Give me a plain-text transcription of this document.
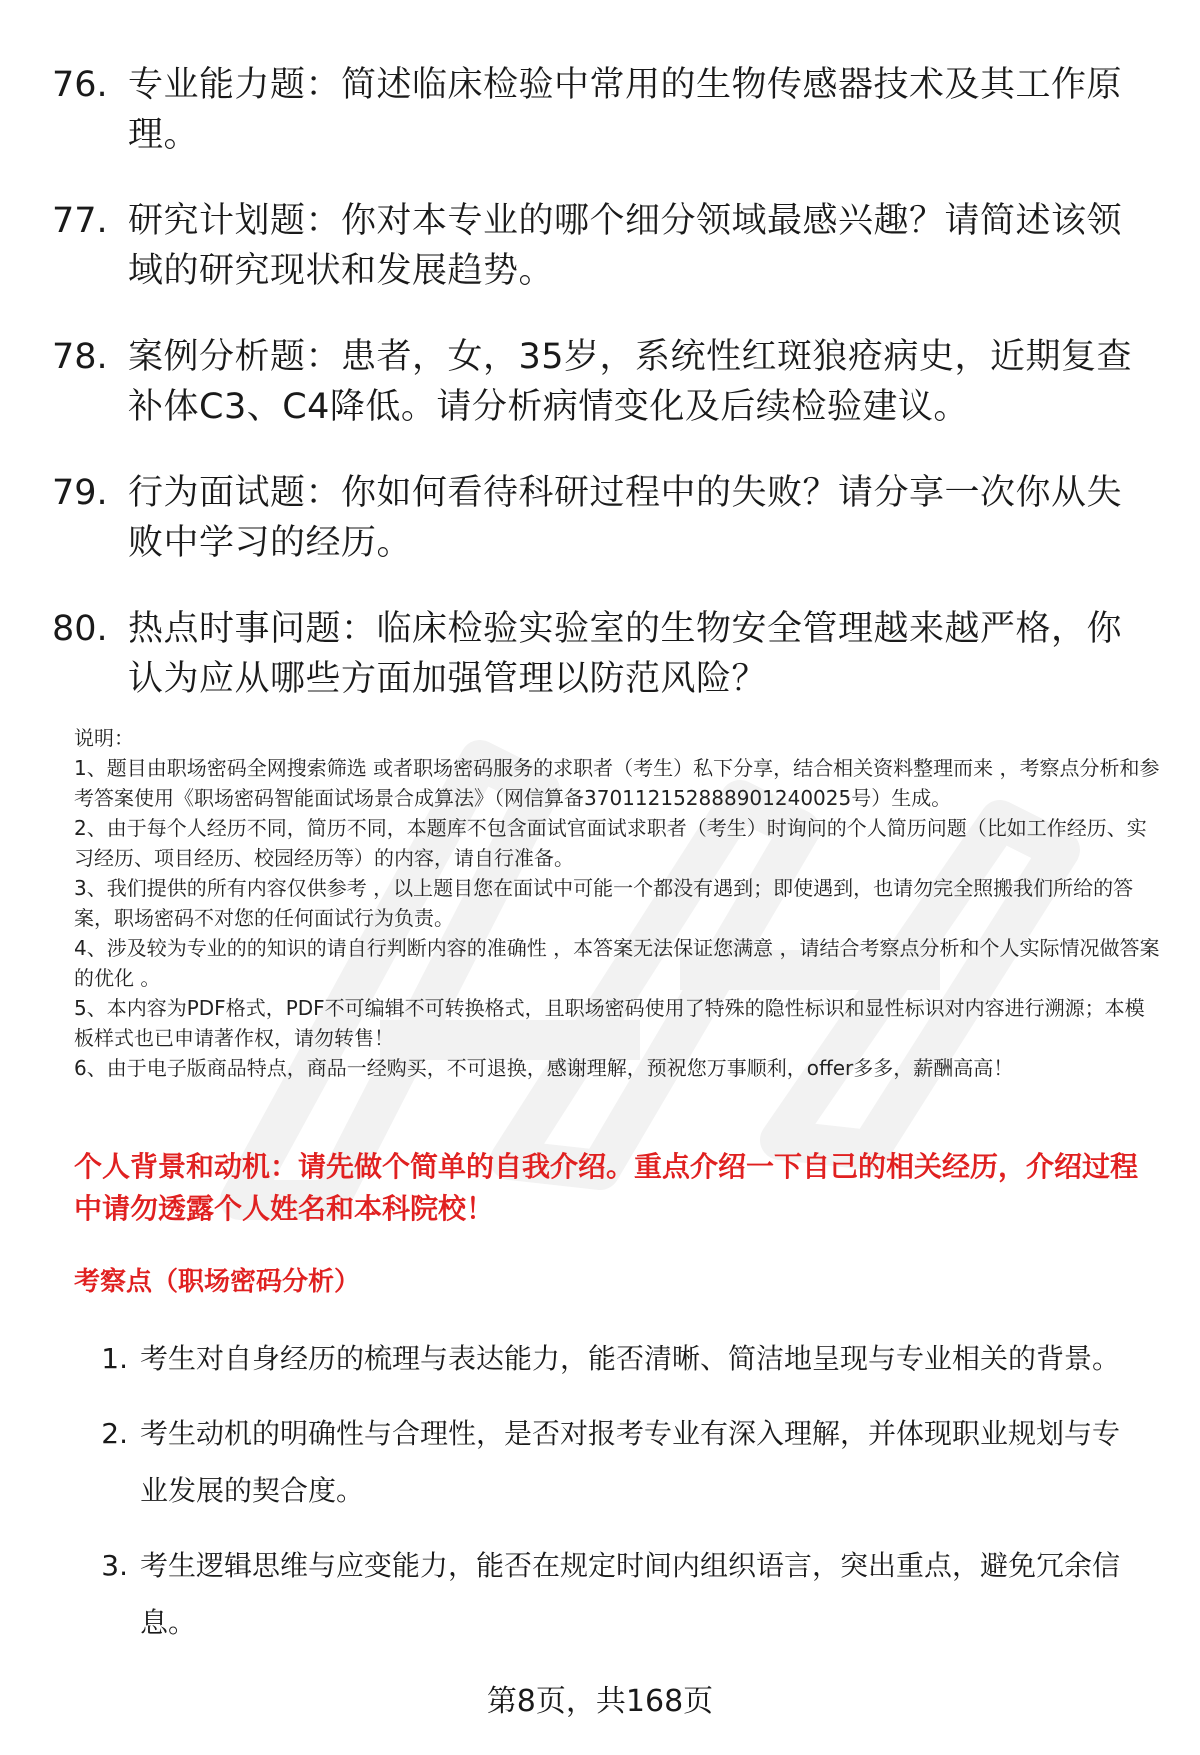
76. 专业能力题：简述临床检验中常用的生物传感器技术及其工作原理。
77. 研究计划题：你对本专业的哪个细分领域最感兴趣？请简述该领域的研究现状和发展趋势。
78. 案例分析题：患者，女，35岁，系统性红斑狼疮病史，近期复查补体C3、C4降低。请分析病情变化及后续检验建议。
79. 行为面试题：你如何看待科研过程中的失败？请分享一次你从失败中学习的经历。
80. 热点时事问题：临床检验实验室的生物安全管理越来越严格，你认为应从哪些方面加强管理以防范风险？

说明：

1、题目由职场密码全网搜索筛选 或者职场密码服务的求职者（考生）私下分享，结合相关资料整理而来 ，考察点分析和参考答案使用《职场密码智能面试场景合成算法》（网信算备370112152888901240025号）生成。

2、由于每个人经历不同，简历不同，本题库不包含面试官面试求职者（考生）时询问的个人简历问题（比如工作经历、实习经历、项目经历、校园经历等）的内容，请自行准备。

3、我们提供的所有内容仅供参考 ，以上题目您在面试中可能一个都没有遇到；即使遇到，也请勿完全照搬我们所给的答案，职场密码不对您的任何面试行为负责。

4、涉及较为专业的的知识的请自行判断内容的准确性 ，本答案无法保证您满意 ，请结合考察点分析和个人实际情况做答案的优化 。

5、本内容为PDF格式，PDF不可编辑不可转换格式，且职场密码使用了特殊的隐性标识和显性标识对内容进行溯源；本模板样式也已申请著作权，请勿转售！

6、由于电子版商品特点，商品一经购买，不可退换，感谢理解，预祝您万事顺利，offer多多，薪酬高高！

个人背景和动机：请先做个简单的自我介绍。重点介绍一下自己的相关经历，介绍过程中请勿透露个人姓名和本科院校！
考察点（职场密码分析）
1. 考生对自身经历的梳理与表达能力，能否清晰、简洁地呈现与专业相关的背景。
2. 考生动机的明确性与合理性，是否对报考专业有深入理解，并体现职业规划与专业发展的契合度。
3. 考生逻辑思维与应变能力，能否在规定时间内组织语言，突出重点，避免冗余信息。
第8页，共168页
